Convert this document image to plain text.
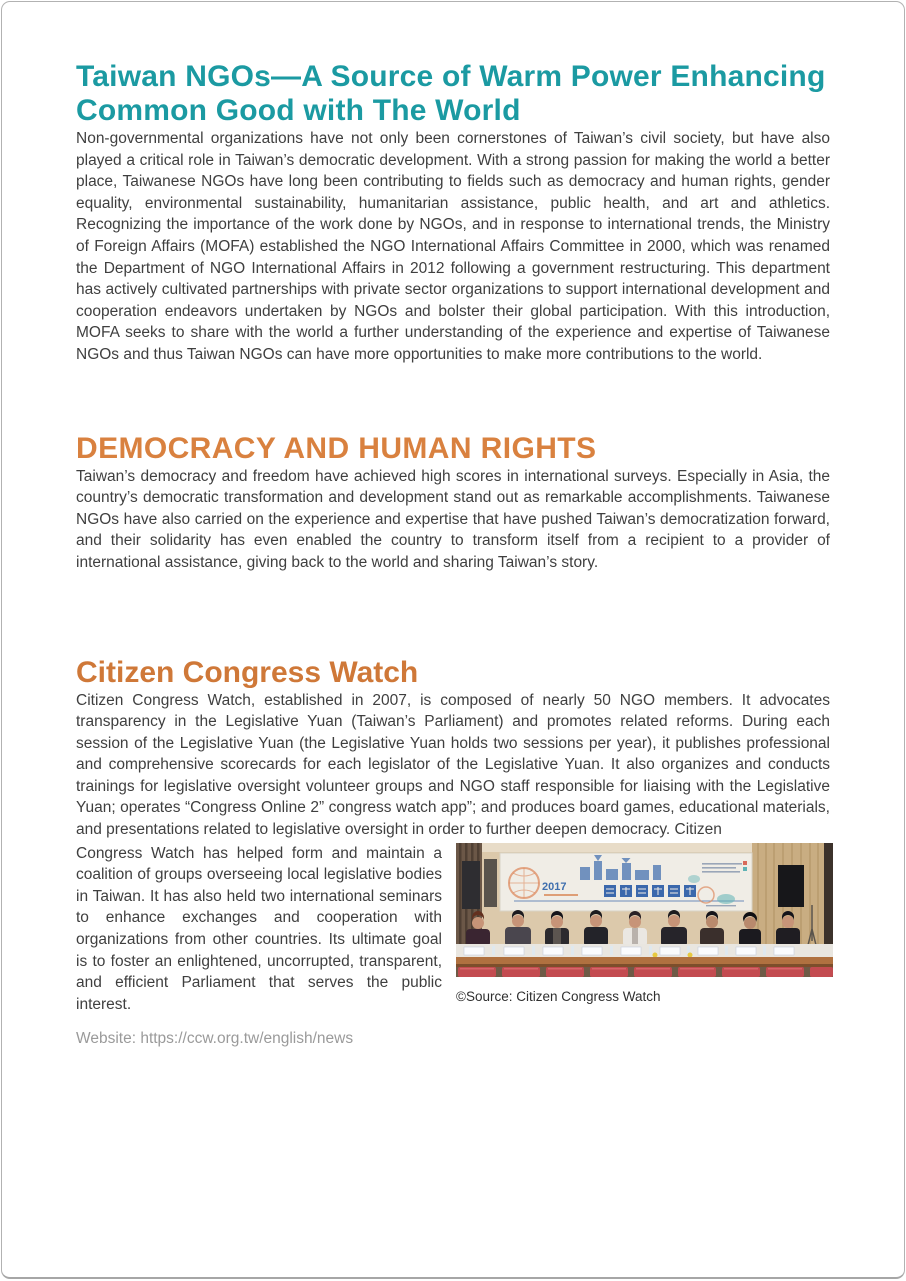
Taiwan NGOs—A Source of Warm Power Enhancing Common Good with The World

Non-governmental organizations have not only been cornerstones of Taiwan’s civil society, but have also played a critical role in Taiwan’s democratic development. With a strong passion for making the world a better place, Taiwanese NGOs have long been contributing to fields such as democracy and human rights, gender equality, environmental sustainability, humanitarian assistance, public health, and art and athletics. Recognizing the importance of the work done by NGOs, and in response to international trends, the Ministry of Foreign Affairs (MOFA) established the NGO International Affairs Committee in 2000, which was renamed the Department of NGO International Affairs in 2012 following a government restructuring. This department has actively cultivated partnerships with private sector organizations to support international development and cooperation endeavors undertaken by NGOs and bolster their global participation. With this introduction, MOFA seeks to share with the world a further understanding of the experience and expertise of Taiwanese NGOs and thus Taiwan NGOs can have more opportunities to make more contributions to the world.

DEMOCRACY AND HUMAN RIGHTS

Taiwan’s democracy and freedom have achieved high scores in international surveys. Especially in Asia, the country’s democratic transformation and development stand out as remarkable accomplishments. Taiwanese NGOs have also carried on the experience and expertise that have pushed Taiwan’s democratization forward, and their solidarity has even enabled the country to transform itself from a recipient to a provider of international assistance, giving back to the world and sharing Taiwan’s story.

Citizen Congress Watch

Citizen Congress Watch, established in 2007, is composed of nearly 50 NGO members. It advocates transparency in the Legislative Yuan (Taiwan’s Parliament) and promotes related reforms. During each session of the Legislative Yuan (the Legislative Yuan holds two sessions per year), it publishes professional and comprehensive scorecards for each legislator of the Legislative Yuan. It also organizes and conducts trainings for legislative oversight volunteer groups and NGO staff responsible for liaising with the Legislative Yuan; operates “Congress Online 2” congress watch app”; and produces board games, educational materials, and presentations related to legislative oversight in order to further deepen democracy. Citizen

Congress Watch has helped form and maintain a coalition of groups overseeing local legislative bodies in Taiwan. It has also held two international seminars to enhance exchanges and cooperation with organizations from other countries. Its ultimate goal is to foster an enlightened, uncorrupted, transparent, and efficient Parliament that serves the public interest.

Website: https://ccw.org.tw/english/news

2017
©Source: Citizen Congress Watch
